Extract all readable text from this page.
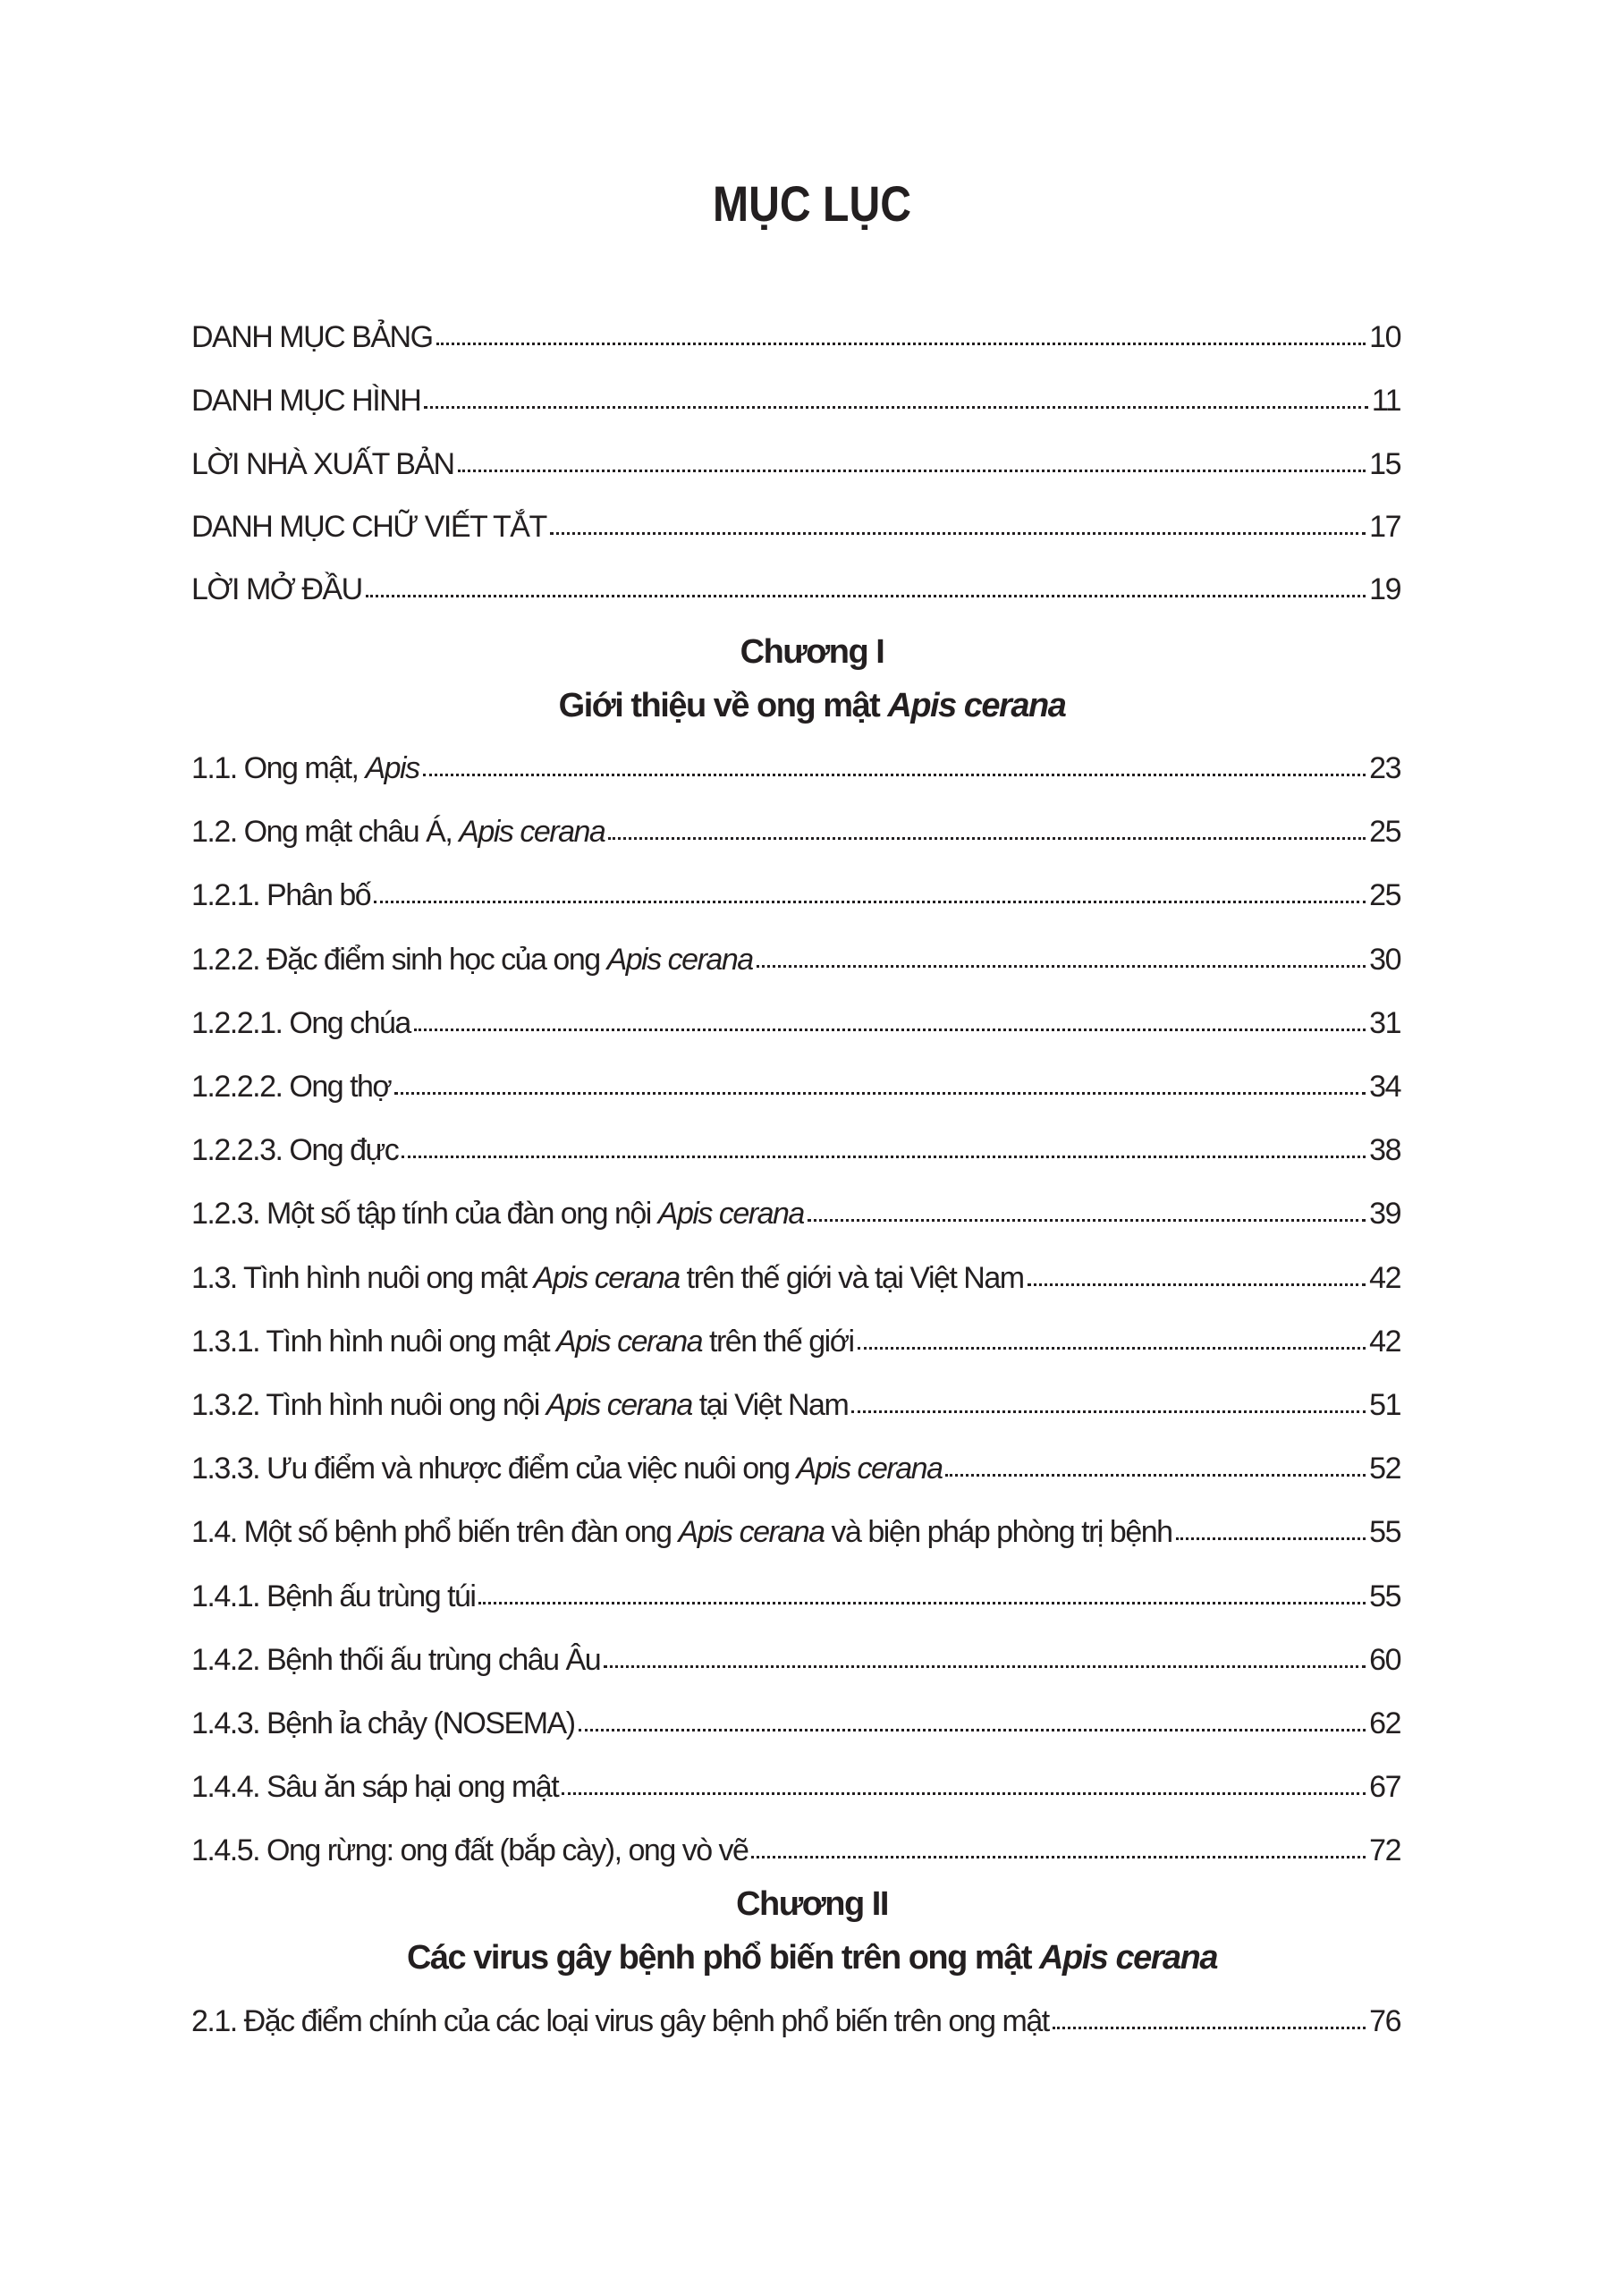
MỤC LỤC
DANH MỤC BẢNG	10
DANH MỤC HÌNH	11
LỜI NHÀ XUẤT BẢN	15
DANH MỤC CHỮ VIẾT TẮT	17
LỜI MỞ ĐẦU	19
1.1. Ong mật, Apis	23
1.2. Ong mật châu Á, Apis cerana	25
1.2.1. Phân bố	25
1.2.2. Đặc điểm sinh học của ong Apis cerana	30
1.2.2.1. Ong chúa	31
1.2.2.2. Ong thợ	34
1.2.2.3. Ong đực	38
1.2.3. Một số tập tính của đàn ong nội Apis cerana	39
1.3. Tình hình nuôi ong mật Apis cerana trên thế giới và tại Việt Nam	42
1.3.1. Tình hình nuôi ong mật Apis cerana trên thế giới	42
1.3.2. Tình hình nuôi ong nội Apis cerana tại Việt Nam	51
1.3.3. Ưu điểm và nhược điểm của việc nuôi ong Apis cerana	52
1.4. Một số bệnh phổ biến trên đàn ong Apis cerana và biện pháp phòng trị bệnh	55
1.4.1. Bệnh ấu trùng túi	55
1.4.2. Bệnh thối ấu trùng châu Âu	60
1.4.3. Bệnh ỉa chảy (NOSEMA)	62
1.4.4. Sâu ăn sáp hại ong mật	67
1.4.5. Ong rừng: ong đất (bắp cày), ong vò vẽ	72
2.1. Đặc điểm chính của các loại virus gây bệnh phổ biến trên ong mật	76
Chương I
Giới thiệu về ong mật Apis cerana
Chương II
Các virus gây bệnh phổ biến trên ong mật Apis cerana
